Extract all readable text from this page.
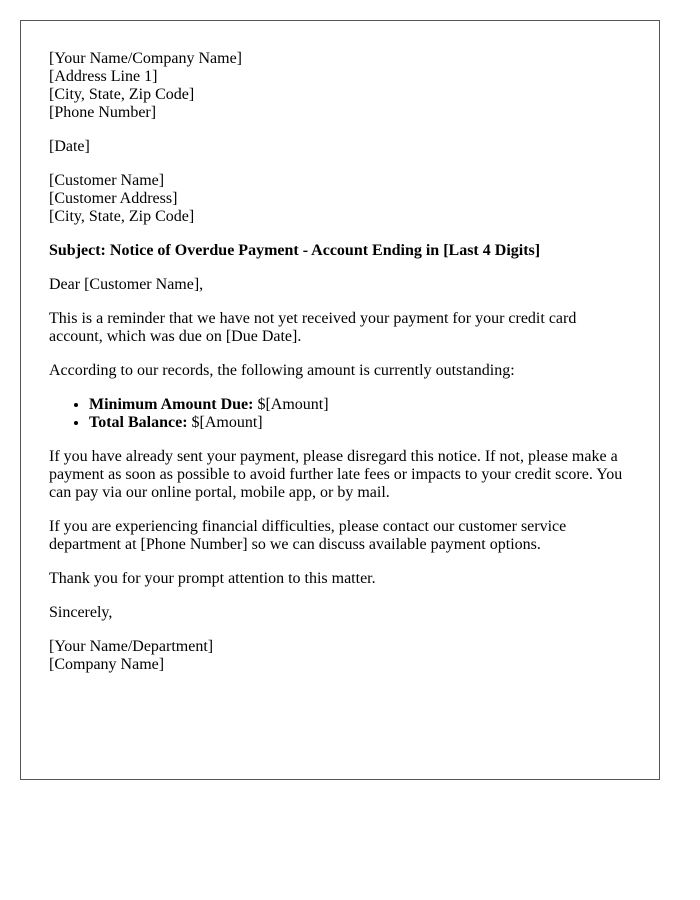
[Your Name/Company Name]
[Address Line 1]
[City, State, Zip Code]
[Phone Number]

[Date]

[Customer Name]
[Customer Address]
[City, State, Zip Code]

Subject: Notice of Overdue Payment - Account Ending in [Last 4 Digits]

Dear [Customer Name],

This is a reminder that we have not yet received your payment for your credit card account, which was due on [Due Date].

According to our records, the following amount is currently outstanding:

• Minimum Amount Due: $[Amount]
• Total Balance: $[Amount]

If you have already sent your payment, please disregard this notice. If not, please make a payment as soon as possible to avoid further late fees or impacts to your credit score. You can pay via our online portal, mobile app, or by mail.

If you are experiencing financial difficulties, please contact our customer service department at [Phone Number] so we can discuss available payment options.

Thank you for your prompt attention to this matter.

Sincerely,

[Your Name/Department]
[Company Name]
